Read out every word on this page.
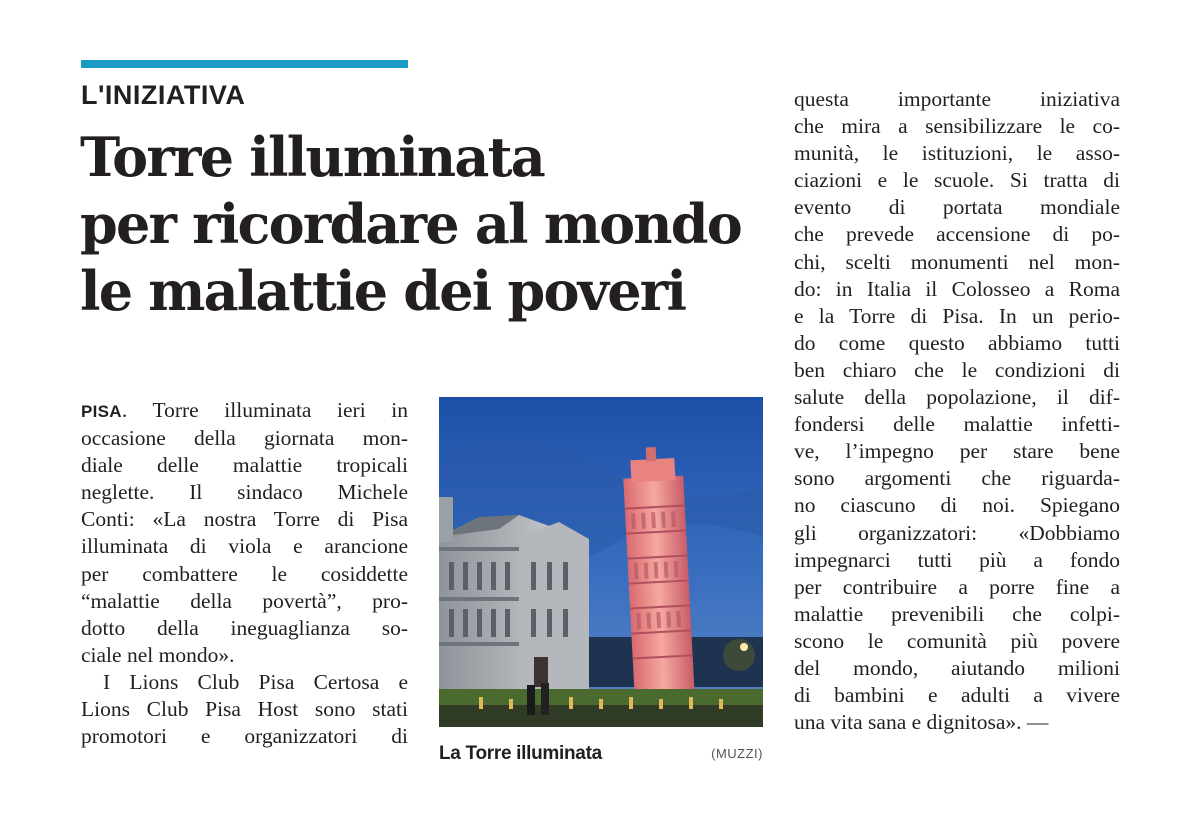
L'INIZIATIVA
Torre illuminata
per ricordare al mondo
le malattie dei poveri
PISA. Torre illuminata ieri in
occasione della giornata mon-
diale delle malattie tropicali
neglette. Il sindaco Michele
Conti: «La nostra Torre di Pisa
illuminata di viola e arancione
per combattere le cosiddette
“malattie della povertà”, pro-
dotto della ineguaglianza so-
ciale nel mondo».
I Lions Club Pisa Certosa e
Lions Club Pisa Host sono stati
promotori e organizzatori di
La Torre illuminata	(MUZZI)
questa importante iniziativa
che mira a sensibilizzare le co-
munità, le istituzioni, le asso-
ciazioni e le scuole. Si tratta di
evento di portata mondiale
che prevede accensione di po-
chi, scelti monumenti nel mon-
do: in Italia il Colosseo a Roma
e la Torre di Pisa. In un perio-
do come questo abbiamo tutti
ben chiaro che le condizioni di
salute della popolazione, il dif-
fondersi delle malattie infetti-
ve, l’impegno per stare bene
sono argomenti che riguarda-
no ciascuno di noi. Spiegano
gli organizzatori: «Dobbiamo
impegnarci tutti più a fondo
per contribuire a porre fine a
malattie prevenibili che colpi-
scono le comunità più povere
del mondo, aiutando milioni
di bambini e adulti a vivere
una vita sana e dignitosa». —
